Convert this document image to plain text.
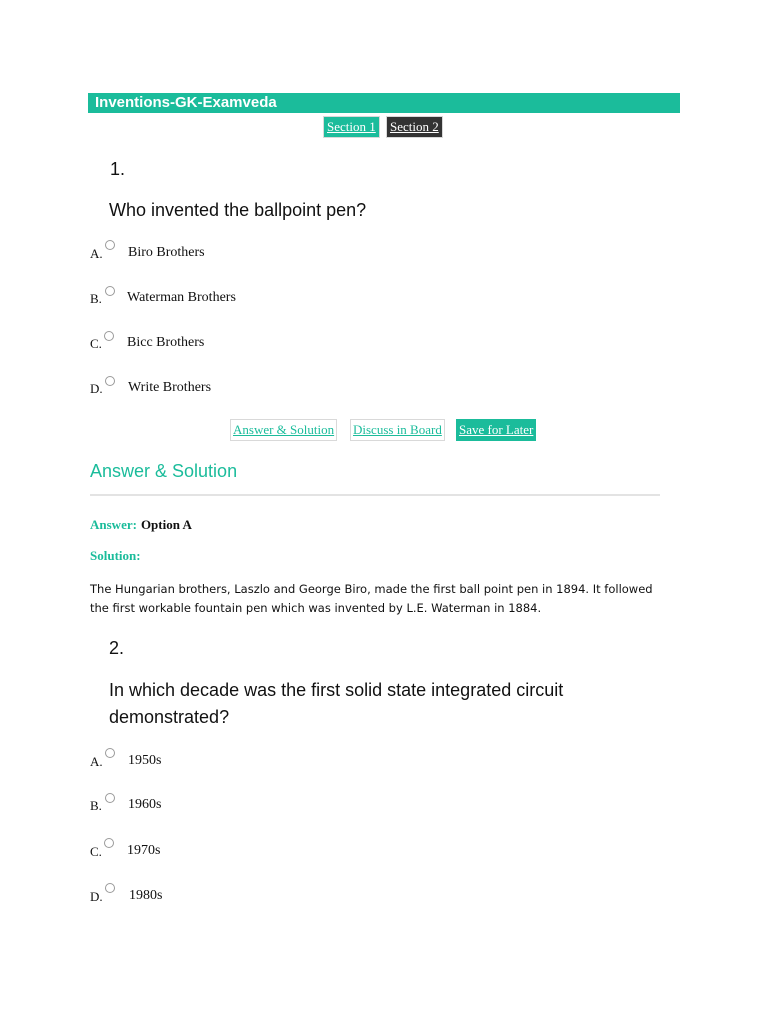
Inventions-GK-Examveda
Section 1	Section 2
1.
Who invented the ballpoint pen?
A. Biro Brothers
B. Waterman Brothers
C. Bicc Brothers
D. Write Brothers
Answer & Solution Discuss in Board Save for Later
Answer & Solution
Answer: Option A
Solution:
The Hungarian brothers, Laszlo and George Biro, made the first ball point pen in 1894. It followed the first workable fountain pen which was invented by L.E. Waterman in 1884.
2.
In which decade was the first solid state integrated circuit demonstrated?
A. 1950s
B. 1960s
C. 1970s
D. 1980s
